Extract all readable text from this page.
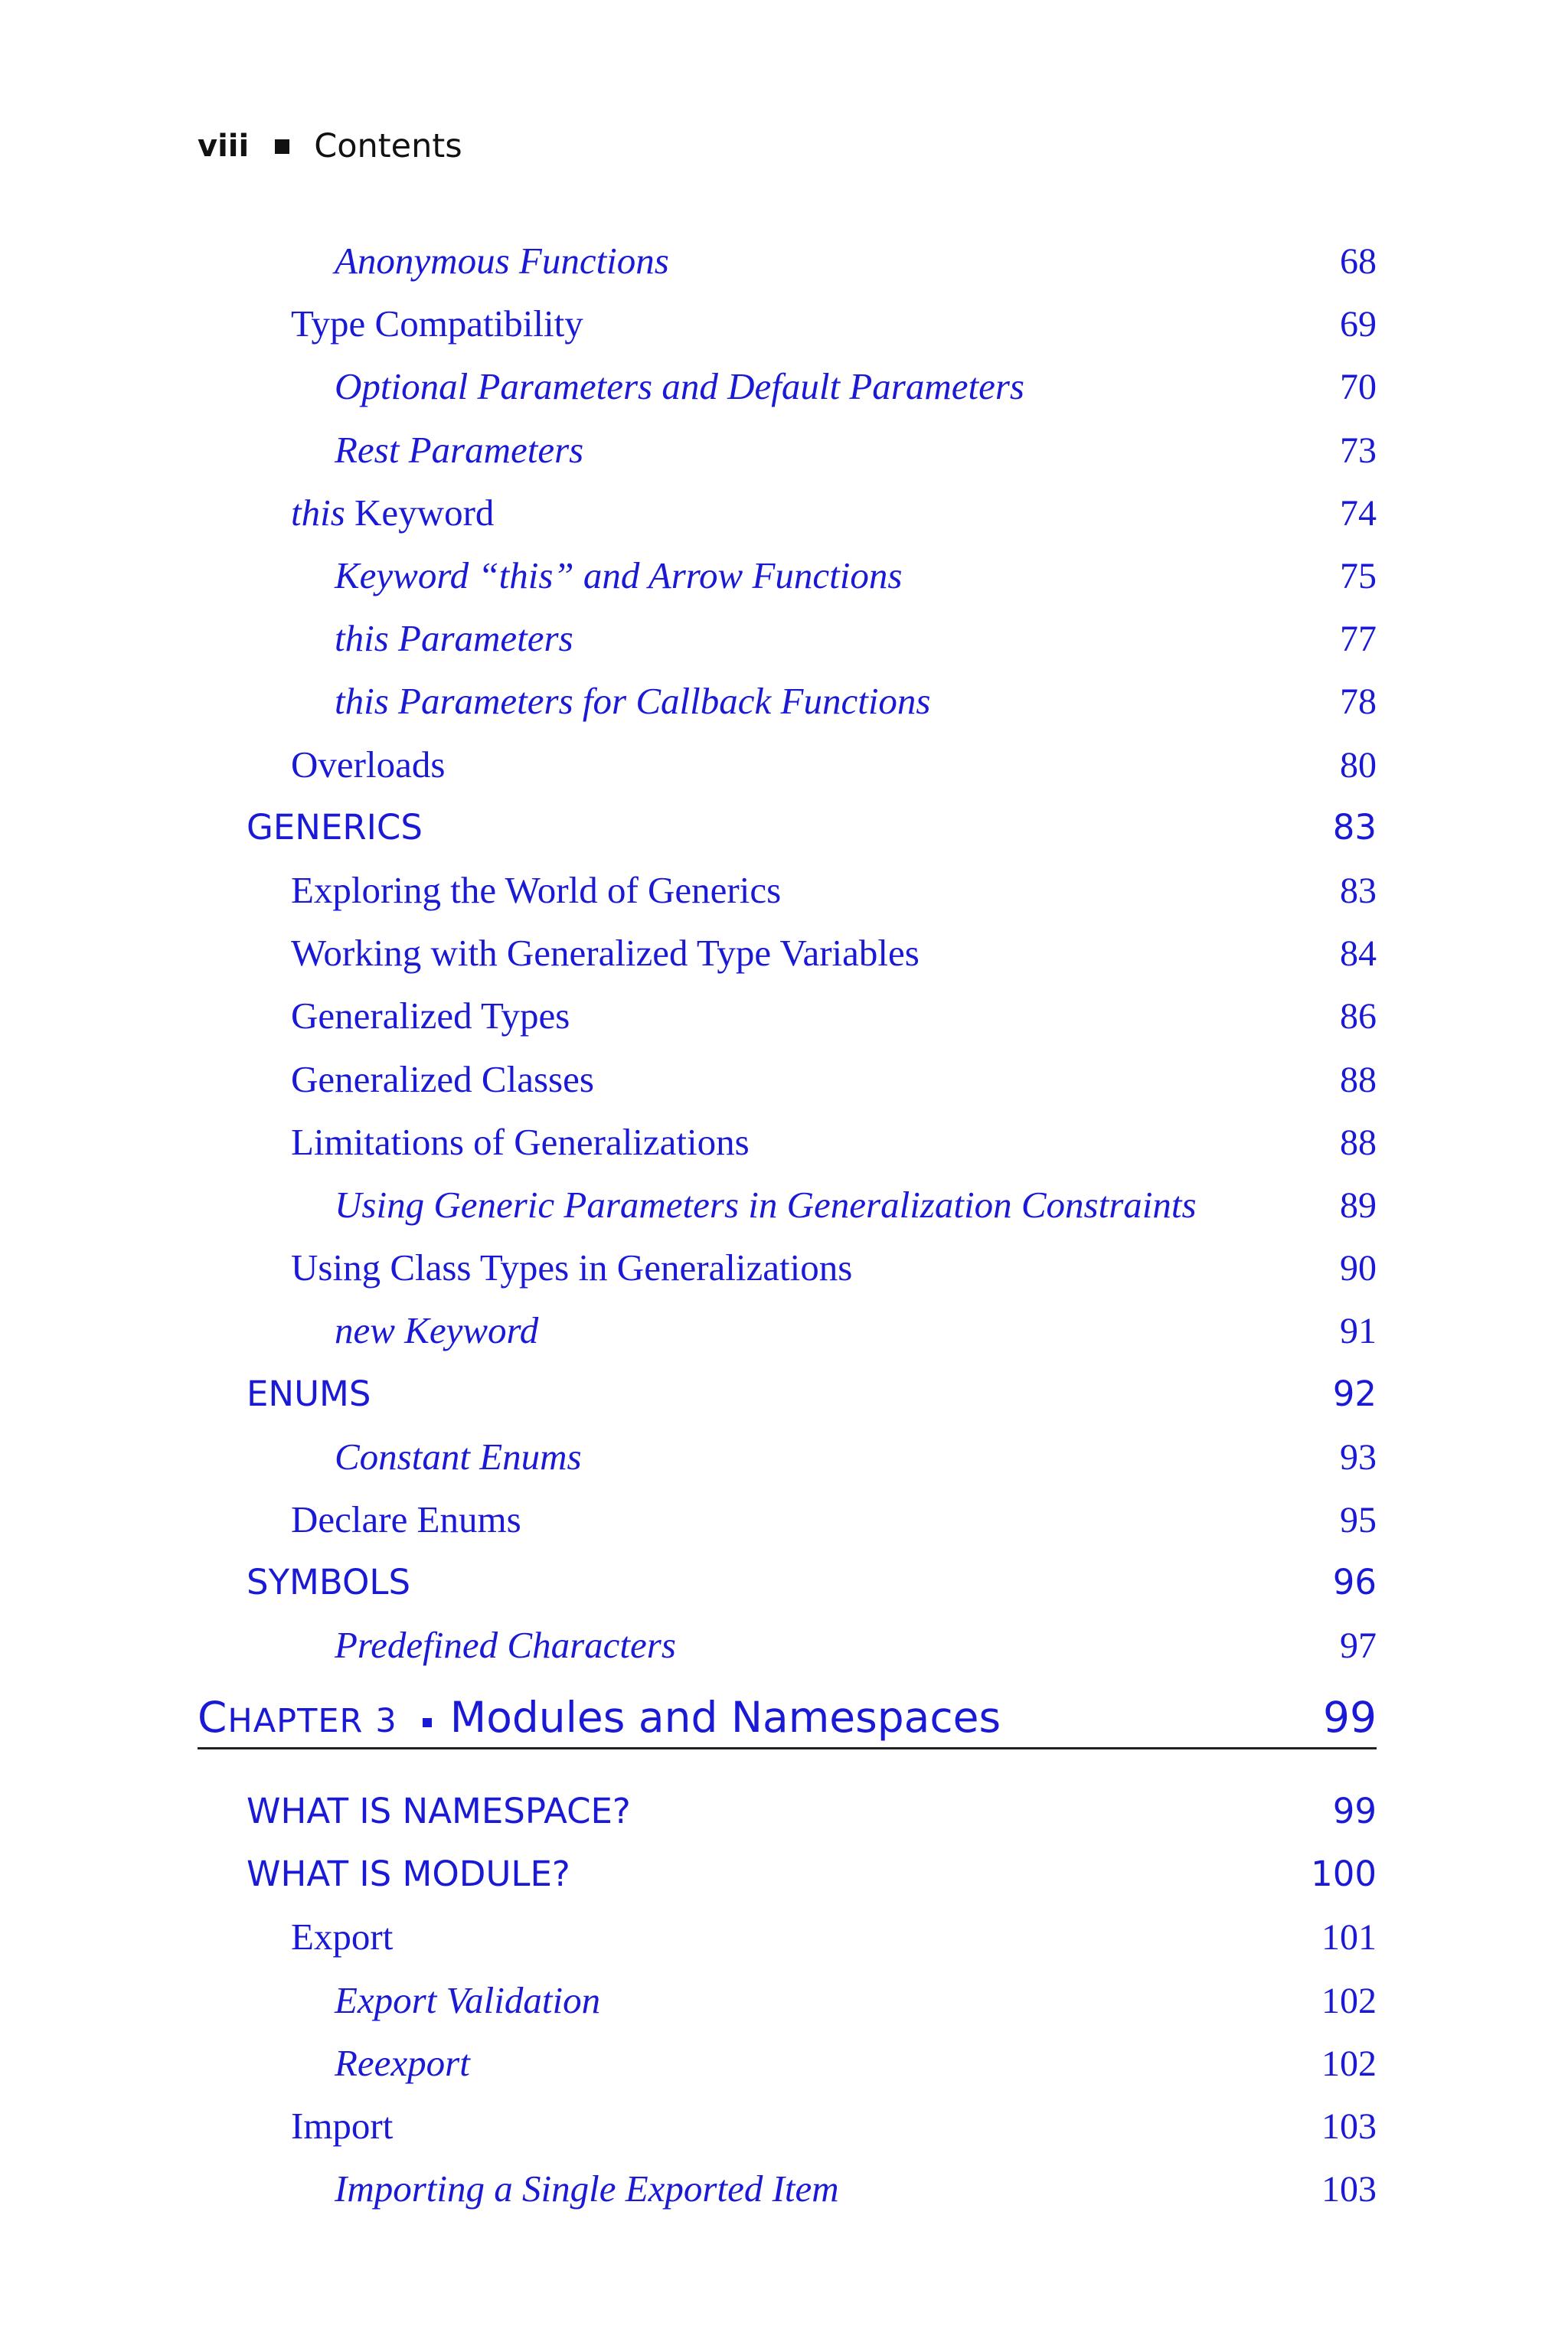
viii Contents
Anonymous Functions	68
Type Compatibility	69
Optional Parameters and Default Parameters	70
Rest Parameters	73
this Keyword	74
Keyword “this” and Arrow Functions	75
this Parameters	77
this Parameters for Callback Functions	78
Overloads	80
GENERICS	83
Exploring the World of Generics	83
Working with Generalized Type Variables	84
Generalized Types	86
Generalized Classes	88
Limitations of Generalizations	88
Using Generic Parameters in Generalization Constraints	89
Using Class Types in Generalizations	90
new Keyword	91
ENUMS	92
Constant Enums	93
Declare Enums	95
SYMBOLS	96
Predefined Characters	97
CHAPTER 3 Modules and Namespaces	99
WHAT IS NAMESPACE?	99
WHAT IS MODULE?	100
Export	101
Export Validation	102
Reexport	102
Import	103
Importing a Single Exported Item	103
